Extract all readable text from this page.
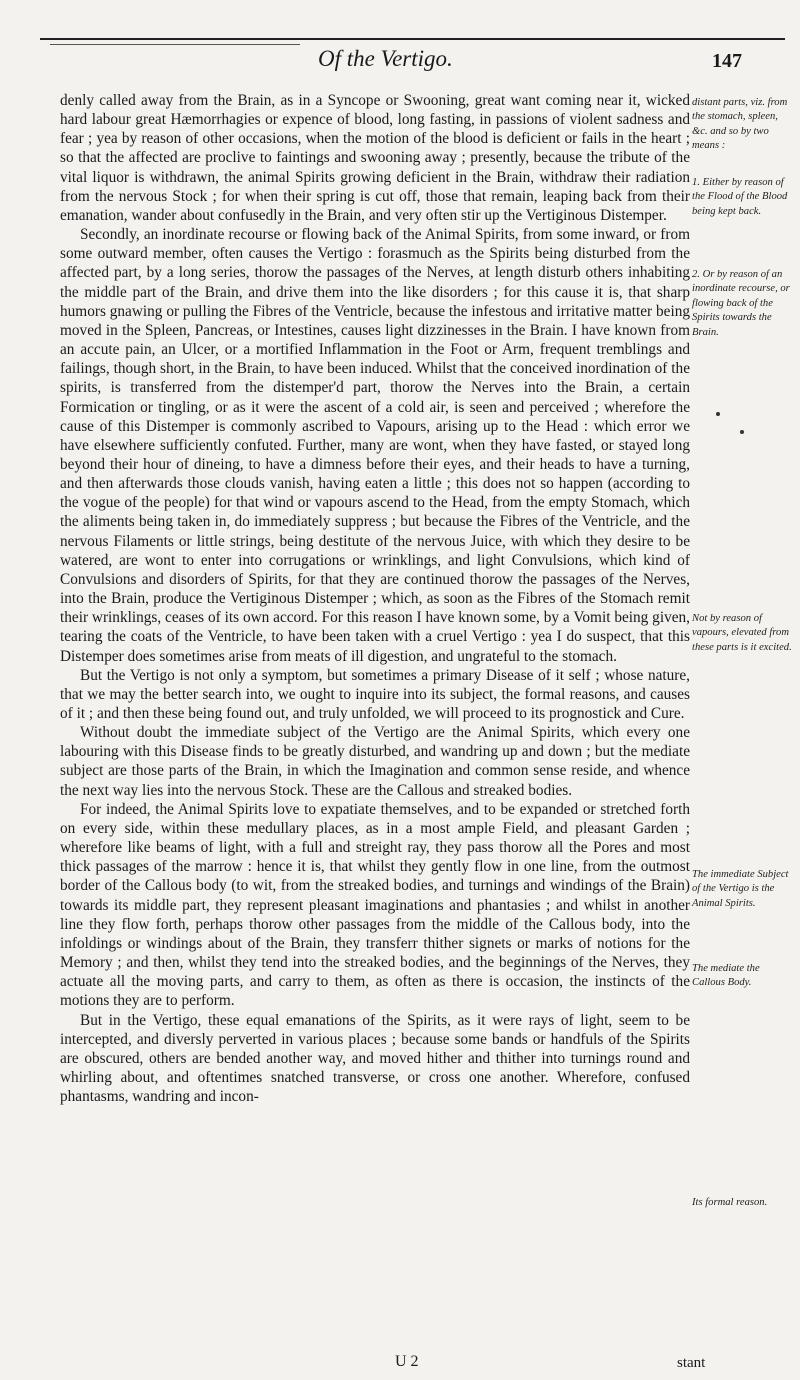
Of the Vertigo.	147

denly called away from the Brain, as in a Syncope or Swooning, great want coming near it, wicked hard labour great Hæmorrhagies or expence of blood, long fasting, in passions of violent sadness and fear ; yea by reason of other occasions, when the motion of the blood is deficient or fails in the heart ; so that the affected are proclive to faintings and swooning away ; presently, because the tribute of the vital liquor is withdrawn, the animal Spirits growing deficient in the Brain, withdraw their radiation from the nervous Stock ; for when their spring is cut off, those that remain, leaping back from their emanation, wander about confusedly in the Brain, and very often stir up the Vertiginous Distemper.

Secondly, an inordinate recourse or flowing back of the Animal Spirits, from some inward, or from some outward member, often causes the Vertigo : forasmuch as the Spirits being disturbed from the affected part, by a long series, thorow the passages of the Nerves, at length disturb others inhabiting the middle part of the Brain, and drive them into the like disorders ; for this cause it is, that sharp humors gnawing or pulling the Fibres of the Ventricle, because the infestous and irritative matter being moved in the Spleen, Pancreas, or Intestines, causes light dizzinesses in the Brain. I have known from an accute pain, an Ulcer, or a mortified Inflammation in the Foot or Arm, frequent tremblings and failings, though short, in the Brain, to have been induced. Whilst that the conceived inordination of the spirits, is transferred from the distemper'd part, thorow the Nerves into the Brain, a certain Formication or tingling, or as it were the ascent of a cold air, is seen and perceived ; wherefore the cause of this Distemper is commonly ascribed to Vapours, arising up to the Head : which error we have elsewhere sufficiently confuted. Further, many are wont, when they have fasted, or stayed long beyond their hour of dineing, to have a dimness before their eyes, and their heads to have a turning, and then afterwards those clouds vanish, having eaten a little ; this does not so happen (according to the vogue of the people) for that wind or vapours ascend to the Head, from the empty Stomach, which the aliments being taken in, do immediately suppress ; but because the Fibres of the Ventricle, and the nervous Filaments or little strings, being destitute of the nervous Juice, with which they desire to be watered, are wont to enter into corrugations or wrinklings, and light Convulsions, which kind of Convulsions and disorders of Spirits, for that they are continued thorow the passages of the Nerves, into the Brain, produce the Vertiginous Distemper ; which, as soon as the Fibres of the Stomach remit their wrinklings, ceases of its own accord. For this reason I have known some, by a Vomit being given, tearing the coats of the Ventricle, to have been taken with a cruel Vertigo : yea I do suspect, that this Distemper does sometimes arise from meats of ill digestion, and ungrateful to the stomach.

But the Vertigo is not only a symptom, but sometimes a primary Disease of it self ; whose nature, that we may the better search into, we ought to inquire into its subject, the formal reasons, and causes of it ; and then these being found out, and truly unfolded, we will proceed to its prognostick and Cure.

Without doubt the immediate subject of the Vertigo are the Animal Spirits, which every one labouring with this Disease finds to be greatly disturbed, and wandring up and down ; but the mediate subject are those parts of the Brain, in which the Imagination and common sense reside, and whence the next way lies into the nervous Stock. These are the Callous and streaked bodies.

For indeed, the Animal Spirits love to expatiate themselves, and to be expanded or stretched forth on every side, within these medullary places, as in a most ample Field, and pleasant Garden ; wherefore like beams of light, with a full and streight ray, they pass thorow all the Pores and most thick passages of the marrow : hence it is, that whilst they gently flow in one line, from the outmost border of the Callous body (to wit, from the streaked bodies, and turnings and windings of the Brain) towards its middle part, they represent pleasant imaginations and phantasies ; and whilst in another line they flow forth, perhaps thorow other passages from the middle of the Callous body, into the infoldings or windings about of the Brain, they transferr thither signets or marks of notions for the Memory ; and then, whilst they tend into the streaked bodies, and the beginnings of the Nerves, they actuate all the moving parts, and carry to them, as often as there is occasion, the instincts of the motions they are to perform.

But in the Vertigo, these equal emanations of the Spirits, as it were rays of light, seem to be intercepted, and diversly perverted in various places ; because some bands or handfuls of the Spirits are obscured, others are bended another way, and moved hither and thither into turnings round and whirling about, and oftentimes snatched transverse, or cross one another. Wherefore, confused phantasms, wandring and incon-

distant parts, viz. from the stomach, spleen, &c. and so by two means :
1. Either by reason of the Flood of the Blood being kept back.
2. Or by reason of an inordinate recourse, or flowing back of the Spirits towards the Brain.
Not by reason of vapours, elevated from these parts is it excited.
The immediate Subject of the Vertigo is the Animal Spirits.
The mediate the Callous Body.
Its formal reason.
U 2	stant
